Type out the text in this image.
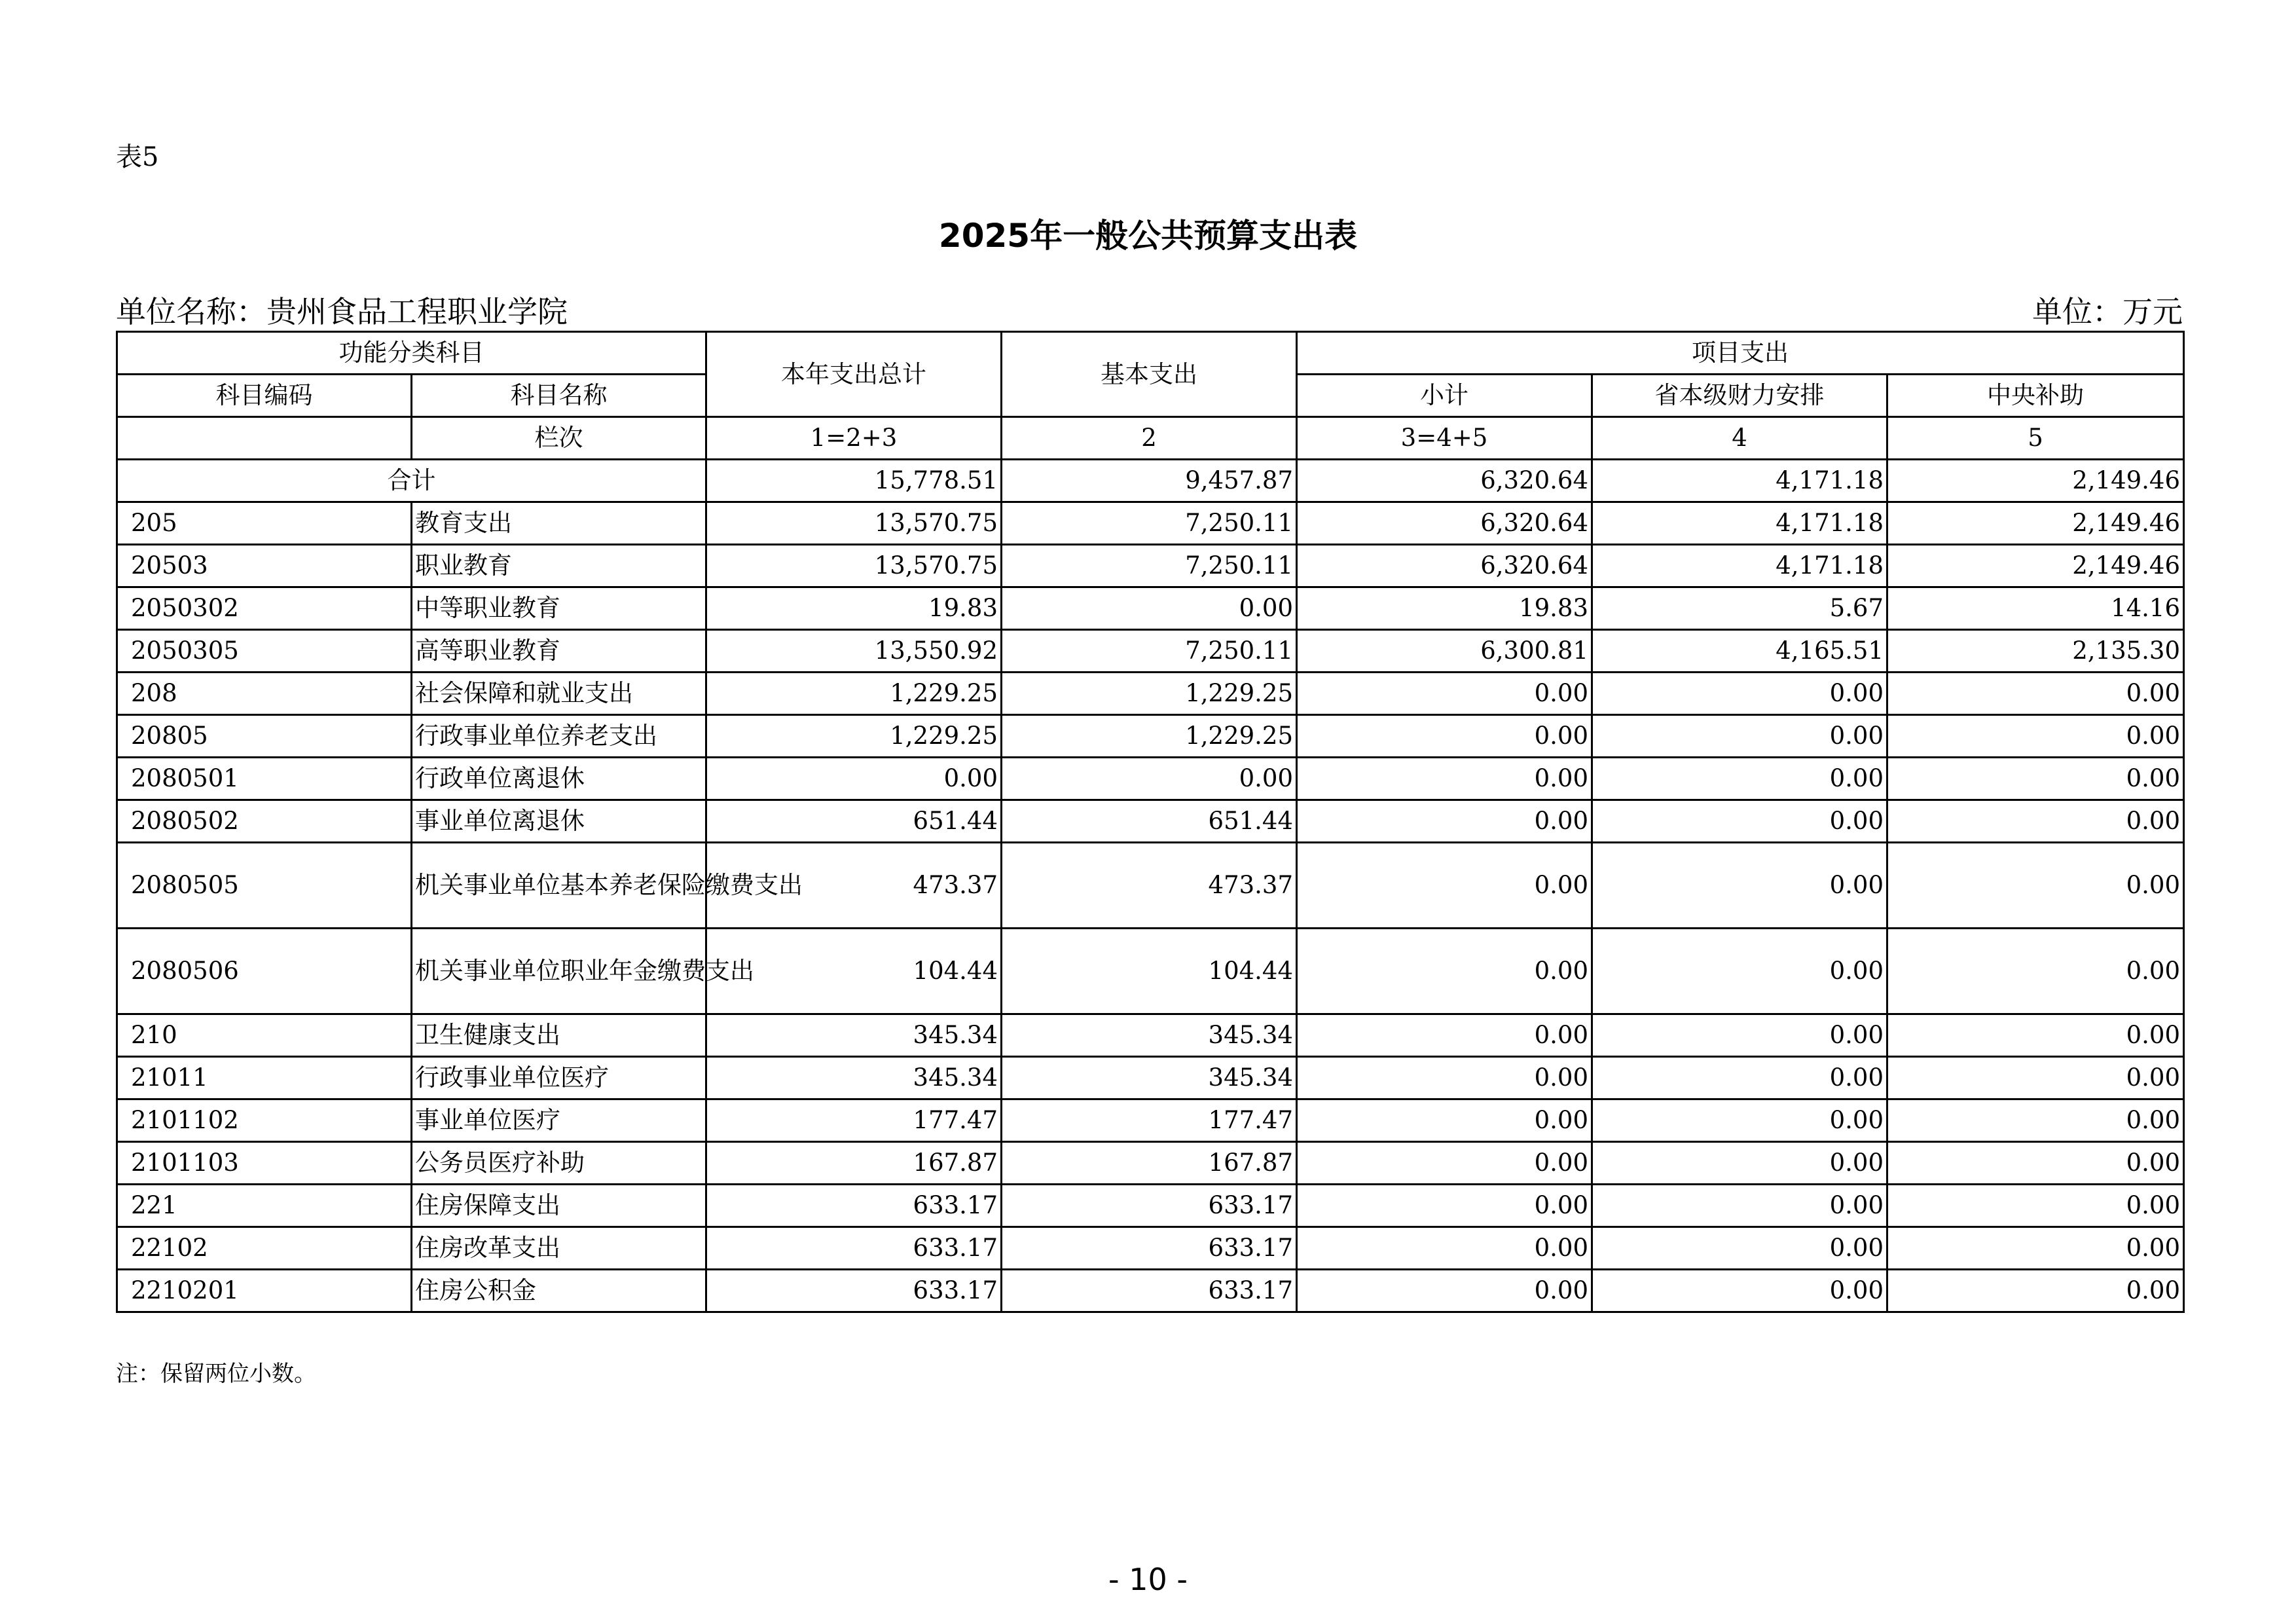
表5
2025年一般公共预算支出表
单位名称：贵州食品工程职业学院	单位：万元
功能分类科目		本年支出总计	基本支出	项目支出		
科目编码	科目名称			小计	省本级财力安排	中央补助
	栏次	1=2+3	2	3=4+5	4	5
合计		15,778.51	9,457.87	6,320.64	4,171.18	2,149.46
205	教育支出	13,570.75	7,250.11	6,320.64	4,171.18	2,149.46
20503	职业教育	13,570.75	7,250.11	6,320.64	4,171.18	2,149.46
2050302	中等职业教育	19.83	0.00	19.83	5.67	14.16
2050305	高等职业教育	13,550.92	7,250.11	6,300.81	4,165.51	2,135.30
208	社会保障和就业支出	1,229.25	1,229.25	0.00	0.00	0.00
20805	行政事业单位养老支出	1,229.25	1,229.25	0.00	0.00	0.00
2080501	行政单位离退休	0.00	0.00	0.00	0.00	0.00
2080502	事业单位离退休	651.44	651.44	0.00	0.00	0.00
2080505	机关事业单位基本养老保险缴费支出	473.37	473.37	0.00	0.00	0.00
2080506	机关事业单位职业年金缴费支出	104.44	104.44	0.00	0.00	0.00
210	卫生健康支出	345.34	345.34	0.00	0.00	0.00
21011	行政事业单位医疗	345.34	345.34	0.00	0.00	0.00
2101102	事业单位医疗	177.47	177.47	0.00	0.00	0.00
2101103	公务员医疗补助	167.87	167.87	0.00	0.00	0.00
221	住房保障支出	633.17	633.17	0.00	0.00	0.00
22102	住房改革支出	633.17	633.17	0.00	0.00	0.00
2210201	住房公积金	633.17	633.17	0.00	0.00	0.00
注：保留两位小数。
- 10 -
